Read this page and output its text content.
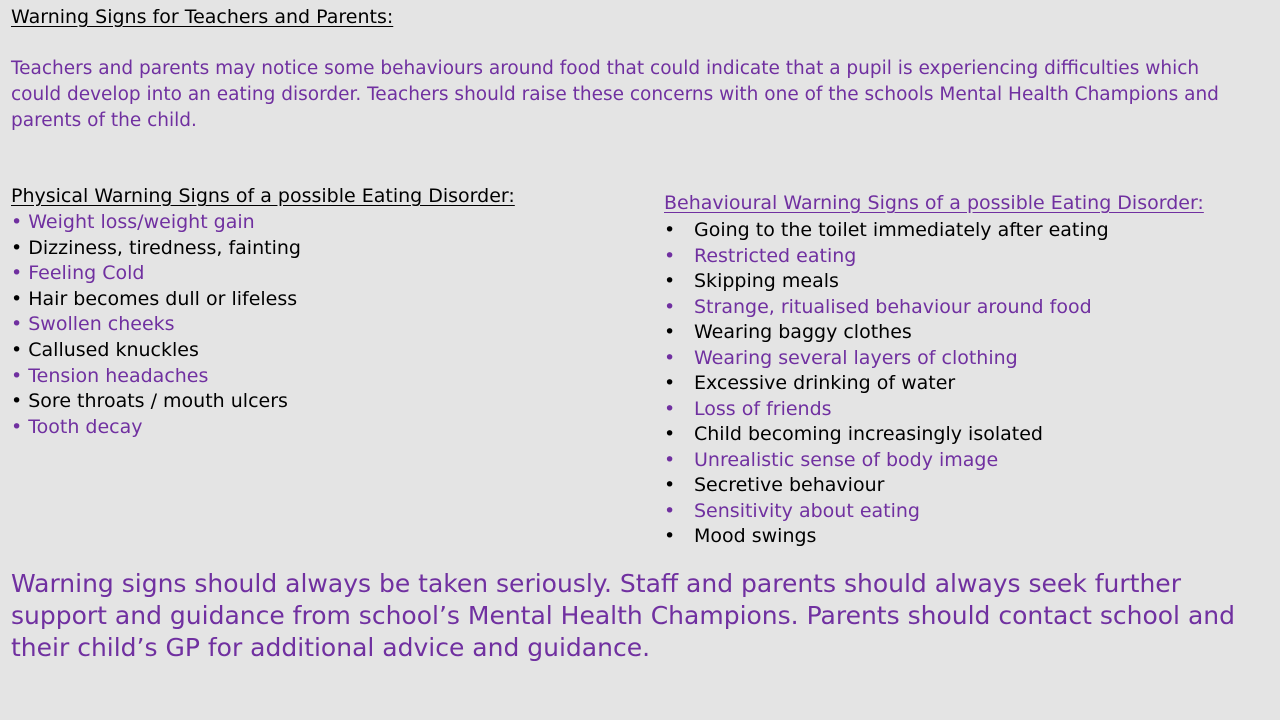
Warning Signs for Teachers and Parents:
Teachers and parents may notice some behaviours around food that could indicate that a pupil is experiencing difficulties which could develop into an eating disorder. Teachers should raise these concerns with one of the schools Mental Health Champions and parents of the child.
Physical Warning Signs of a possible Eating Disorder:
• Weight loss/weight gain
• Dizziness, tiredness, fainting
• Feeling Cold
• Hair becomes dull or lifeless
• Swollen cheeks
• Callused knuckles
• Tension headaches
• Sore throats / mouth ulcers
• Tooth decay
Behavioural Warning Signs of a possible Eating Disorder:
• Going to the toilet immediately after eating
• Restricted eating
• Skipping meals
• Strange, ritualised behaviour around food
• Wearing baggy clothes
• Wearing several layers of clothing
• Excessive drinking of water
• Loss of friends
• Child becoming increasingly isolated
• Unrealistic sense of body image
• Secretive behaviour
• Sensitivity about eating
• Mood swings
Warning signs should always be taken seriously. Staff and parents should always seek further support and guidance from school’s Mental Health Champions. Parents should contact school and their child’s GP for additional advice and guidance.
